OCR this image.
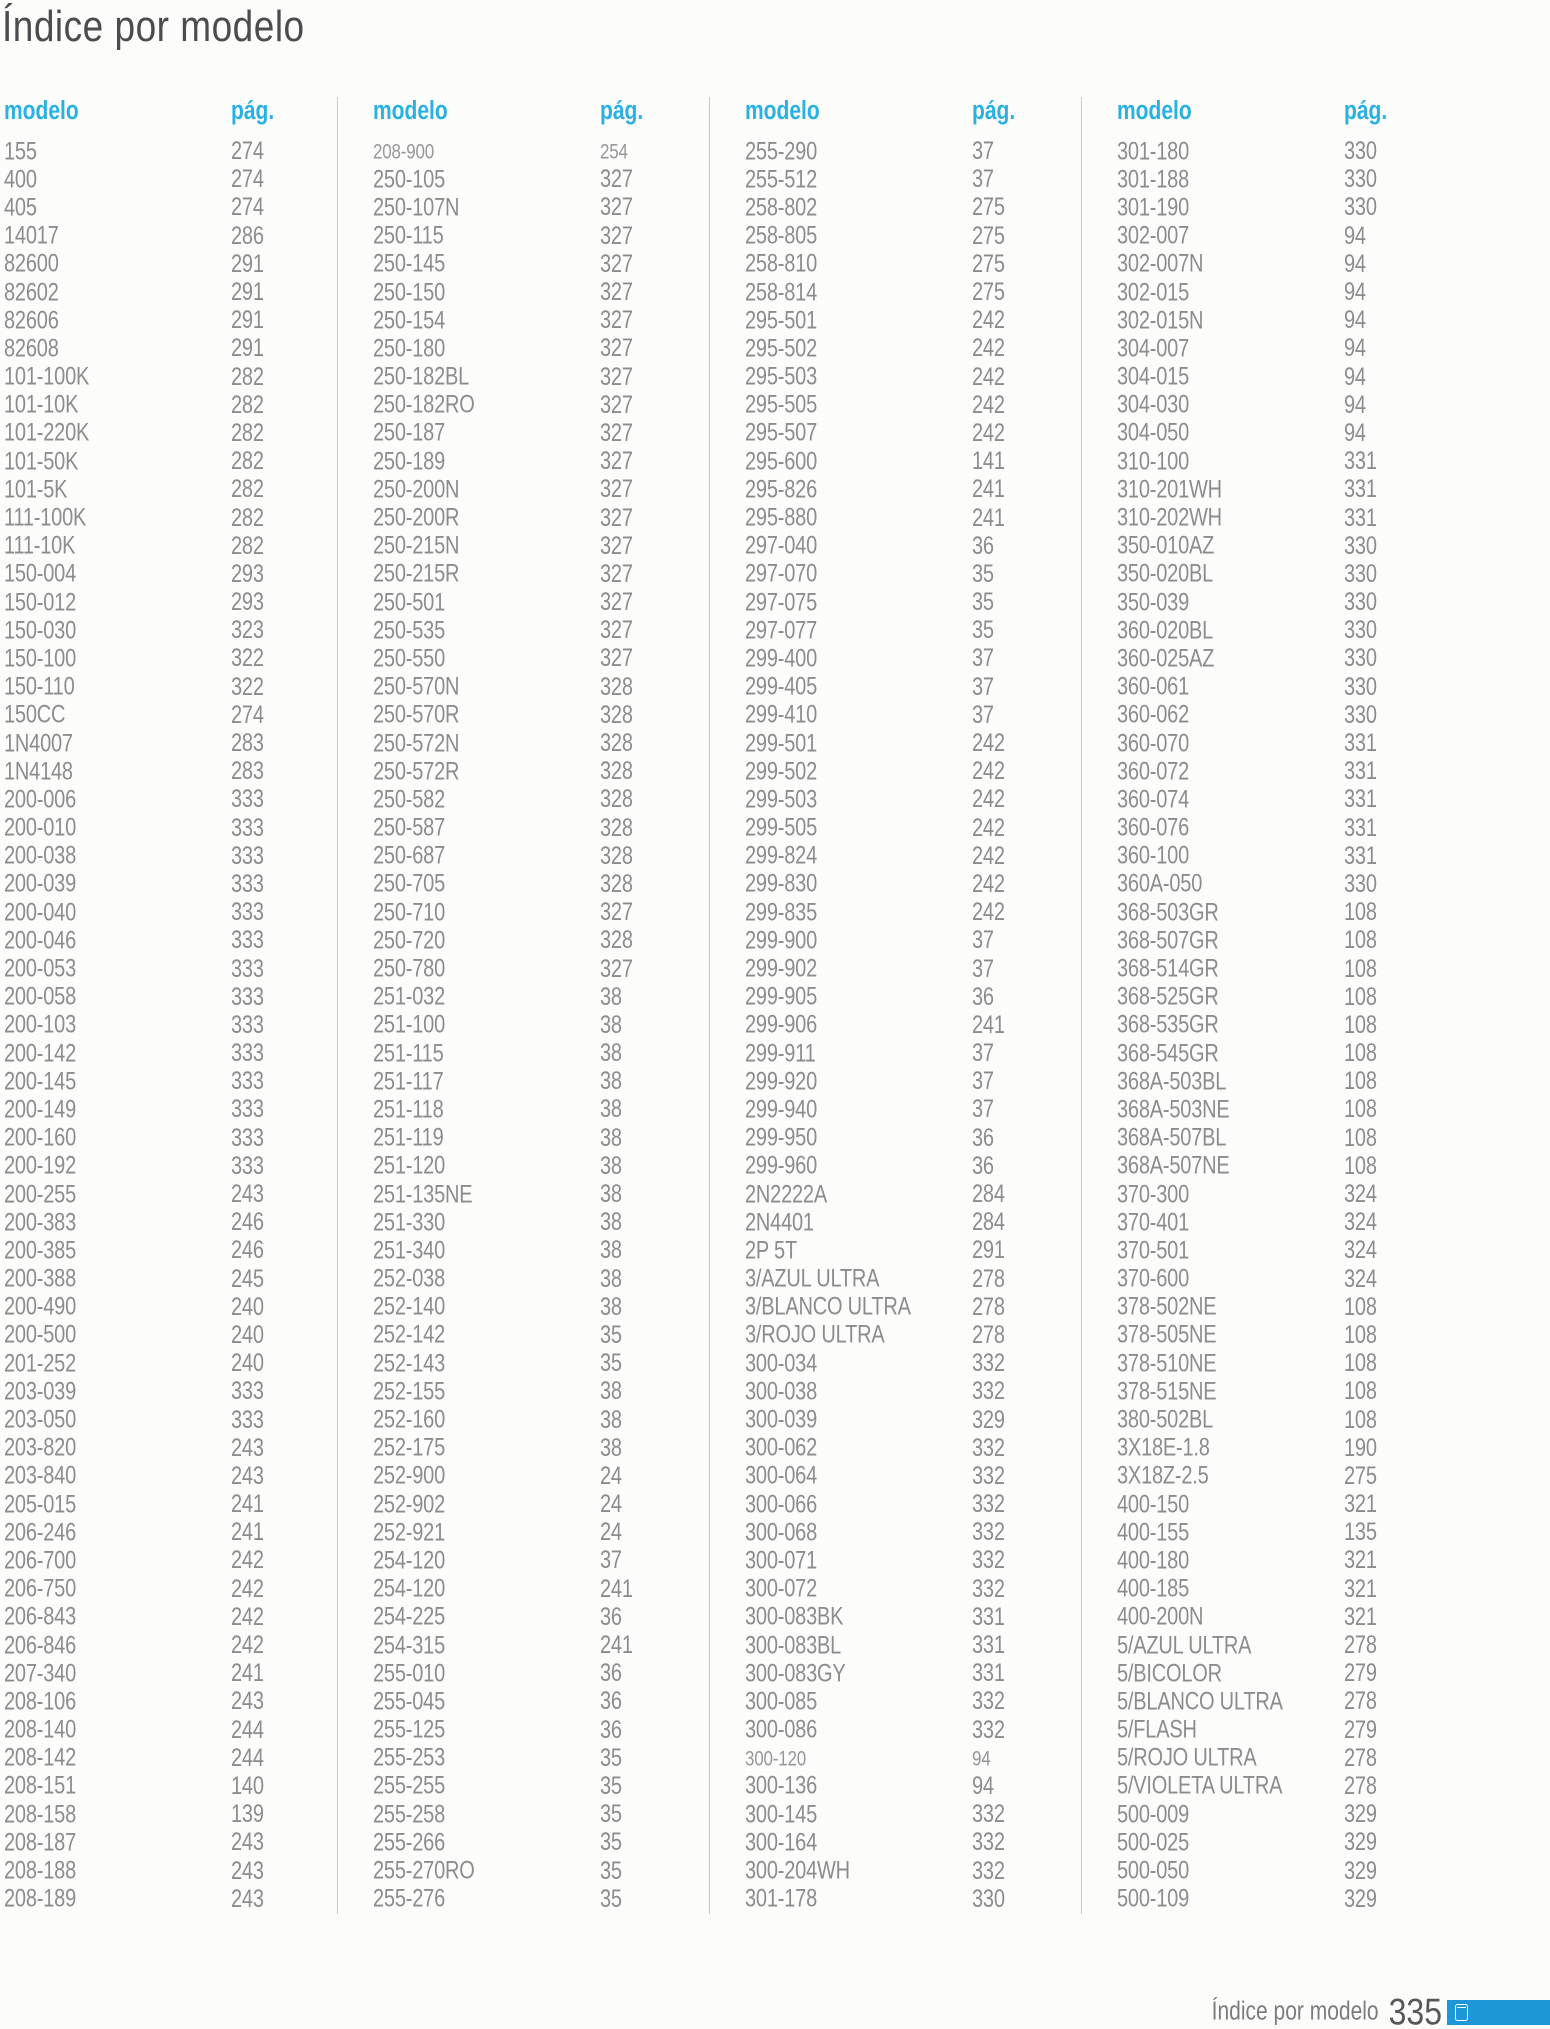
Índice por modelo
modelo	pág.
155	274
400	274
405	274
14017	286
82600	291
82602	291
82606	291
82608	291
101-100K	282
101-10K	282
101-220K	282
101-50K	282
101-5K	282
111-100K	282
111-10K	282
150-004	293
150-012	293
150-030	323
150-100	322
150-110	322
150CC	274
1N4007	283
1N4148	283
200-006	333
200-010	333
200-038	333
200-039	333
200-040	333
200-046	333
200-053	333
200-058	333
200-103	333
200-142	333
200-145	333
200-149	333
200-160	333
200-192	333
200-255	243
200-383	246
200-385	246
200-388	245
200-490	240
200-500	240
201-252	240
203-039	333
203-050	333
203-820	243
203-840	243
205-015	241
206-246	241
206-700	242
206-750	242
206-843	242
206-846	242
207-340	241
208-106	243
208-140	244
208-142	244
208-151	140
208-158	139
208-187	243
208-188	243
208-189	243
modelo	pág.
208-900	254
250-105	327
250-107N	327
250-115	327
250-145	327
250-150	327
250-154	327
250-180	327
250-182BL	327
250-182RO	327
250-187	327
250-189	327
250-200N	327
250-200R	327
250-215N	327
250-215R	327
250-501	327
250-535	327
250-550	327
250-570N	328
250-570R	328
250-572N	328
250-572R	328
250-582	328
250-587	328
250-687	328
250-705	328
250-710	327
250-720	328
250-780	327
251-032	38
251-100	38
251-115	38
251-117	38
251-118	38
251-119	38
251-120	38
251-135NE	38
251-330	38
251-340	38
252-038	38
252-140	38
252-142	35
252-143	35
252-155	38
252-160	38
252-175	38
252-900	24
252-902	24
252-921	24
254-120	37
254-120	241
254-225	36
254-315	241
255-010	36
255-045	36
255-125	36
255-253	35
255-255	35
255-258	35
255-266	35
255-270RO	35
255-276	35
modelo	pág.
255-290	37
255-512	37
258-802	275
258-805	275
258-810	275
258-814	275
295-501	242
295-502	242
295-503	242
295-505	242
295-507	242
295-600	141
295-826	241
295-880	241
297-040	36
297-070	35
297-075	35
297-077	35
299-400	37
299-405	37
299-410	37
299-501	242
299-502	242
299-503	242
299-505	242
299-824	242
299-830	242
299-835	242
299-900	37
299-902	37
299-905	36
299-906	241
299-911	37
299-920	37
299-940	37
299-950	36
299-960	36
2N2222A	284
2N4401	284
2P 5T	291
3/AZUL ULTRA	278
3/BLANCO ULTRA	278
3/ROJO ULTRA	278
300-034	332
300-038	332
300-039	329
300-062	332
300-064	332
300-066	332
300-068	332
300-071	332
300-072	332
300-083BK	331
300-083BL	331
300-083GY	331
300-085	332
300-086	332
300-120	94
300-136	94
300-145	332
300-164	332
300-204WH	332
301-178	330
modelo	pág.
301-180	330
301-188	330
301-190	330
302-007	94
302-007N	94
302-015	94
302-015N	94
304-007	94
304-015	94
304-030	94
304-050	94
310-100	331
310-201WH	331
310-202WH	331
350-010AZ	330
350-020BL	330
350-039	330
360-020BL	330
360-025AZ	330
360-061	330
360-062	330
360-070	331
360-072	331
360-074	331
360-076	331
360-100	331
360A-050	330
368-503GR	108
368-507GR	108
368-514GR	108
368-525GR	108
368-535GR	108
368-545GR	108
368A-503BL	108
368A-503NE	108
368A-507BL	108
368A-507NE	108
370-300	324
370-401	324
370-501	324
370-600	324
378-502NE	108
378-505NE	108
378-510NE	108
378-515NE	108
380-502BL	108
3X18E-1.8	190
3X18Z-2.5	275
400-150	321
400-155	135
400-180	321
400-185	321
400-200N	321
5/AZUL ULTRA	278
5/BICOLOR	279
5/BLANCO ULTRA	278
5/FLASH	279
5/ROJO ULTRA	278
5/VIOLETA ULTRA	278
500-009	329
500-025	329
500-050	329
500-109	329
Índice por modelo 335
